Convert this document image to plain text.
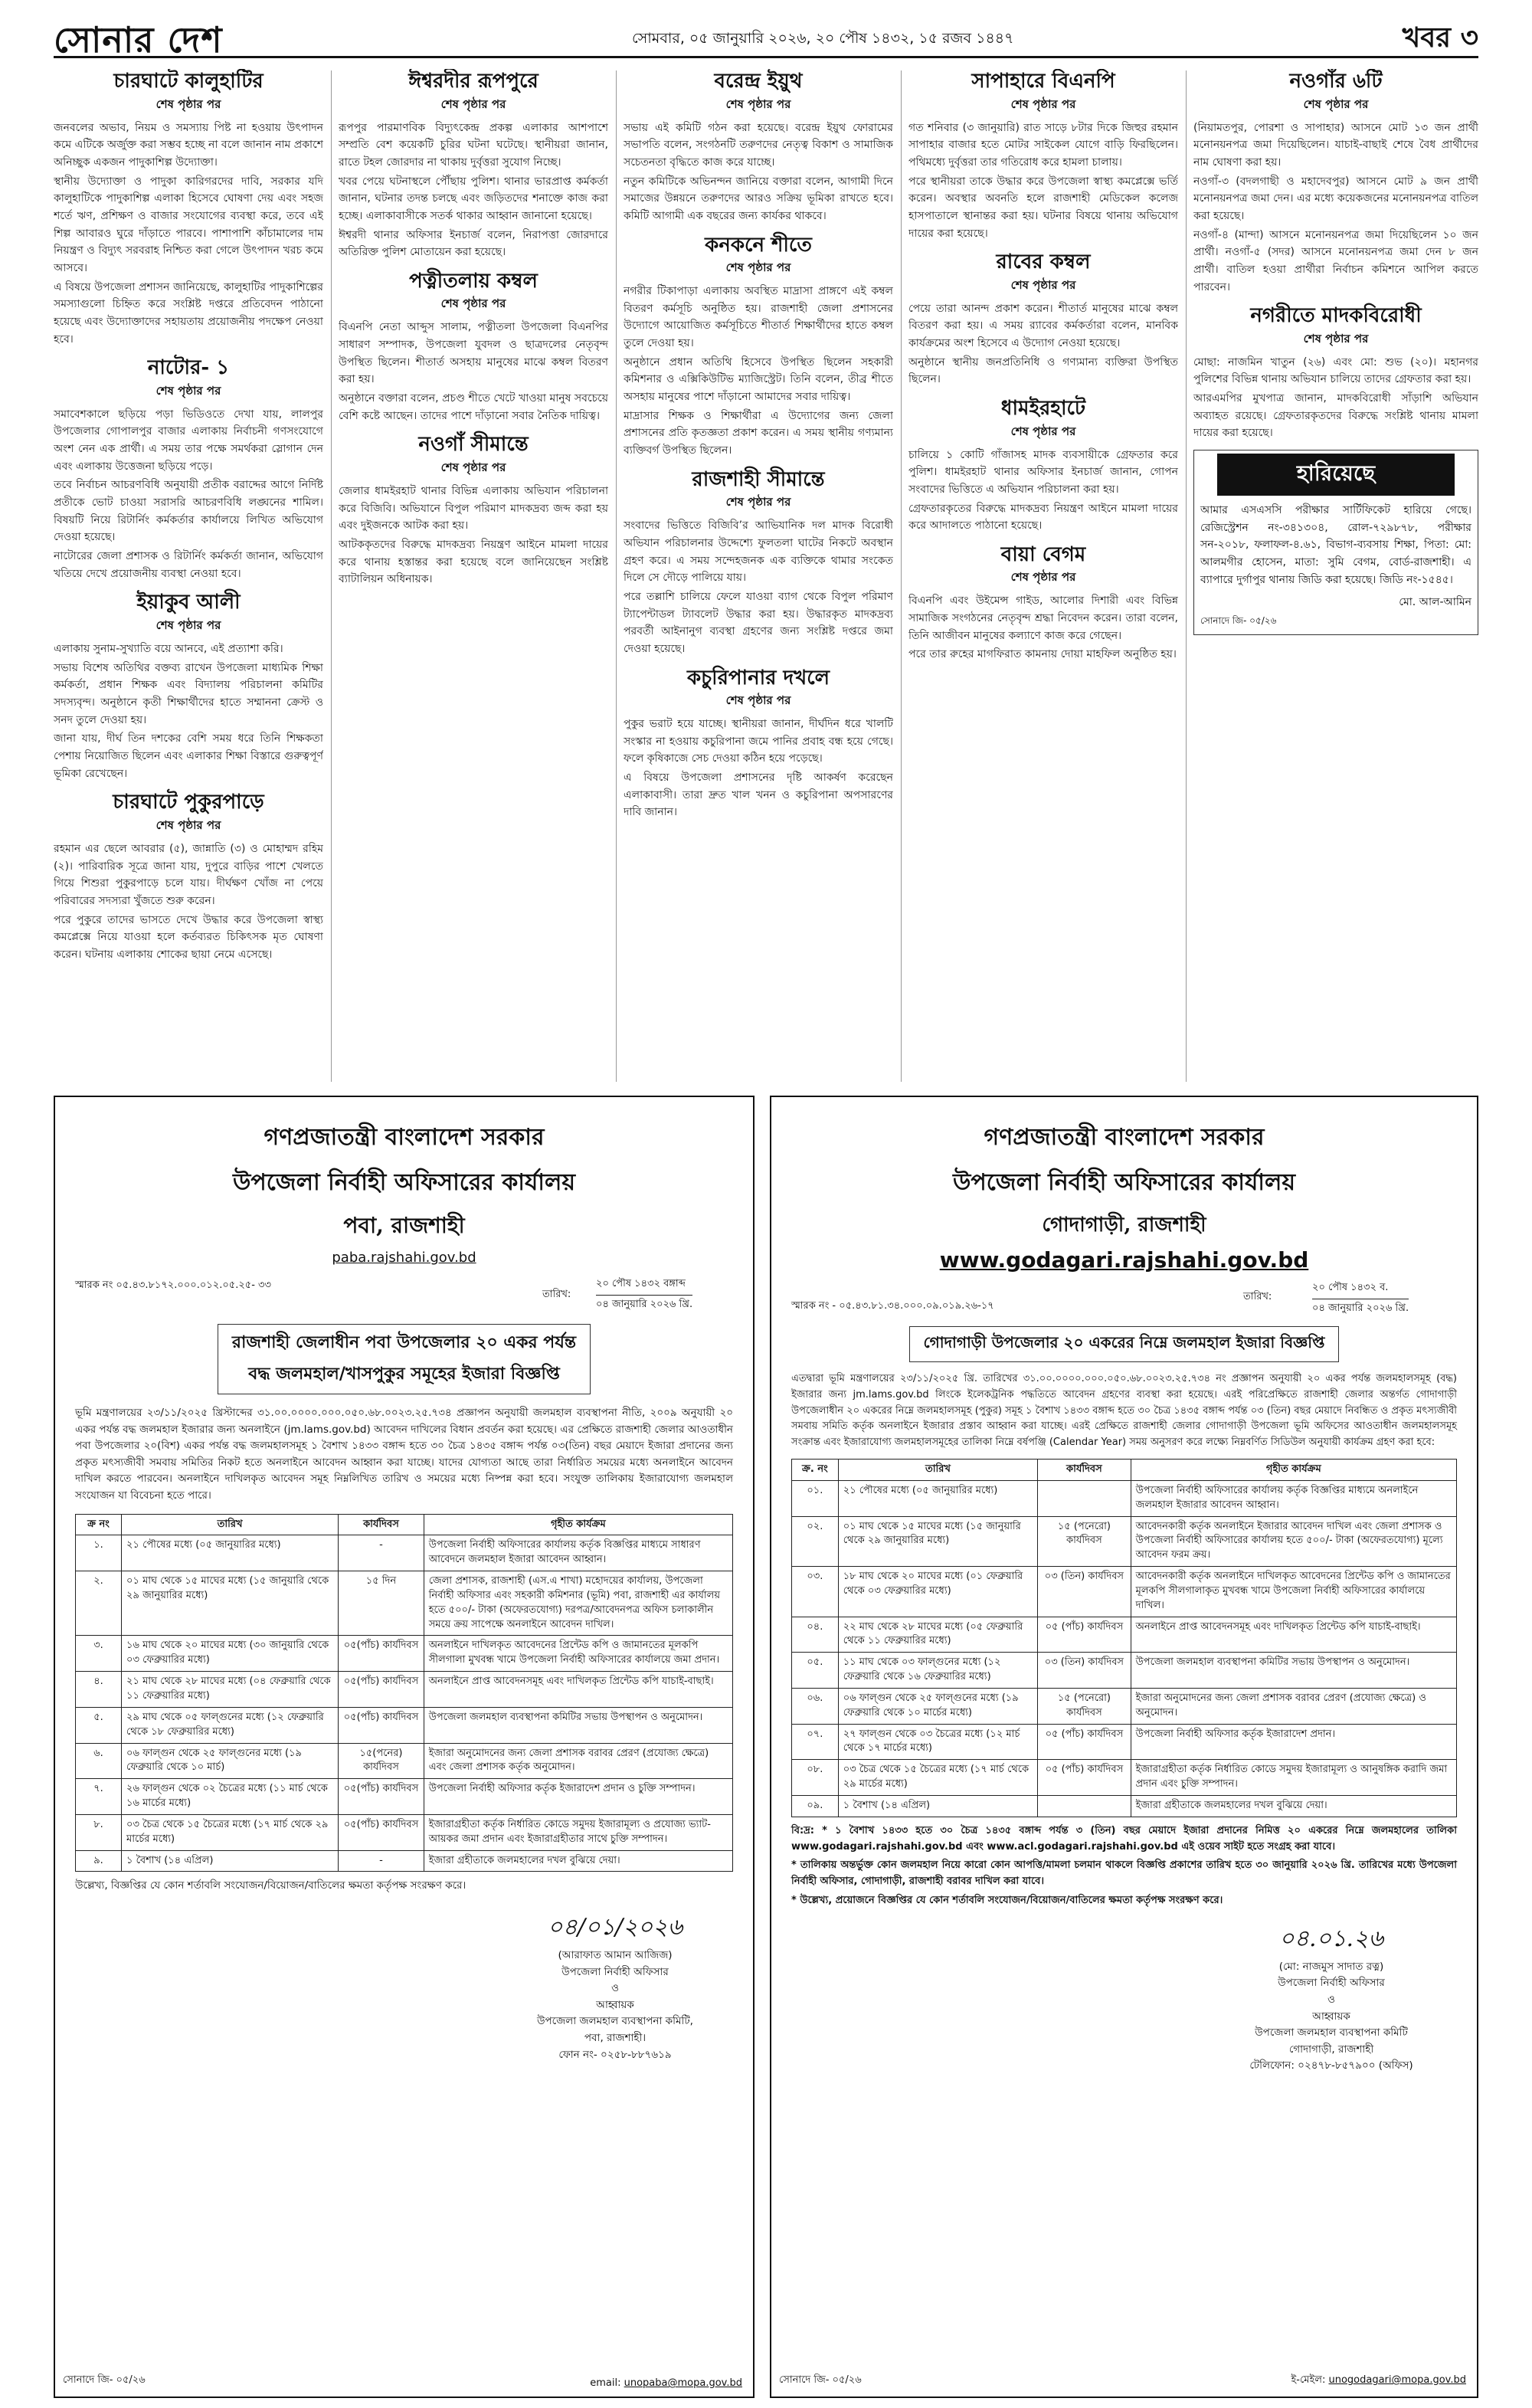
সোনার দেশ	সোমবার, ০৫ জানুয়ারি ২০২৬, ২০ পৌষ ১৪৩২, ১৫ রজব ১৪৪৭	খবর ৩
চারঘাটে কালুহাটির
শেষ পৃষ্ঠার পর

জনবলের অভাব, নিয়ম ও সমস্যায় পিষ্ট না হওয়ায় উৎপাদন কমে এটিকে অর্জুক্ত করা সম্ভব হচ্ছে না বলে জানান নাম প্রকাশে অনিচ্ছুক একজন পাদুকাশিল্প উদ্যোক্তা।

স্থানীয় উদ্যোক্তা ও পাদুকা কারিগরদের দাবি, সরকার যদি কালুহাটিকে পাদুকাশিল্প এলাকা হিসেবে ঘোষণা দেয় এবং সহজ শর্তে ঋণ, প্রশিক্ষণ ও বাজার সংযোগের ব্যবস্থা করে, তবে এই শিল্প আবারও ঘুরে দাঁড়াতে পারবে। পাশাপাশি কাঁচামালের দাম নিয়ন্ত্রণ ও বিদ্যুৎ সরবরাহ নিশ্চিত করা গেলে উৎপাদন খরচ কমে আসবে।

এ বিষয়ে উপজেলা প্রশাসন জানিয়েছে, কালুহাটির পাদুকাশিল্পের সমস্যাগুলো চিহ্নিত করে সংশ্লিষ্ট দপ্তরে প্রতিবেদন পাঠানো হয়েছে এবং উদ্যোক্তাদের সহায়তায় প্রয়োজনীয় পদক্ষেপ নেওয়া হবে।

নাটোর- ১
শেষ পৃষ্ঠার পর

সমাবেশকালে ছড়িয়ে পড়া ভিডিওতে দেখা যায়, লালপুর উপজেলার গোপালপুর বাজার এলাকায় নির্বাচনী গণসংযোগে অংশ নেন এক প্রার্থী। এ সময় তার পক্ষে সমর্থকরা স্লোগান দেন এবং এলাকায় উত্তেজনা ছড়িয়ে পড়ে।

তবে নির্বাচন আচরণবিধি অনুযায়ী প্রতীক বরাদ্দের আগে নির্দিষ্ট প্রতীকে ভোট চাওয়া সরাসরি আচরণবিধি লঙ্ঘনের শামিল। বিষয়টি নিয়ে রিটার্নিং কর্মকর্তার কার্যালয়ে লিখিত অভিযোগ দেওয়া হয়েছে।

নাটোরের জেলা প্রশাসক ও রিটার্নিং কর্মকর্তা জানান, অভিযোগ খতিয়ে দেখে প্রয়োজনীয় ব্যবস্থা নেওয়া হবে।

ইয়াকুব আলী
শেষ পৃষ্ঠার পর

এলাকায় সুনাম-সুখ্যাতি বয়ে আনবে, এই প্রত্যাশা করি।

সভায় বিশেষ অতিথির বক্তব্য রাখেন উপজেলা মাধ্যমিক শিক্ষা কর্মকর্তা, প্রধান শিক্ষক এবং বিদ্যালয় পরিচালনা কমিটির সদস্যবৃন্দ। অনুষ্ঠানে কৃতী শিক্ষার্থীদের হাতে সম্মাননা ক্রেস্ট ও সনদ তুলে দেওয়া হয়।

জানা যায়, দীর্ঘ তিন দশকের বেশি সময় ধরে তিনি শিক্ষকতা পেশায় নিয়োজিত ছিলেন এবং এলাকার শিক্ষা বিস্তারে গুরুত্বপূর্ণ ভূমিকা রেখেছেন।

চারঘাটে পুকুরপাড়ে
শেষ পৃষ্ঠার পর

রহমান এর ছেলে আবরার (৫), জান্নাতি (৩) ও মোহাম্মদ রহিম (২)। পারিবারিক সূত্রে জানা যায়, দুপুরে বাড়ির পাশে খেলতে গিয়ে শিশুরা পুকুরপাড়ে চলে যায়। দীর্ঘক্ষণ খোঁজ না পেয়ে পরিবারের সদস্যরা খুঁজতে শুরু করেন।

পরে পুকুরে তাদের ভাসতে দেখে উদ্ধার করে উপজেলা স্বাস্থ্য কমপ্লেক্সে নিয়ে যাওয়া হলে কর্তব্যরত চিকিৎসক মৃত ঘোষণা করেন। ঘটনায় এলাকায় শোকের ছায়া নেমে এসেছে।

ঈশ্বরদীর রূপপুরে
শেষ পৃষ্ঠার পর

রূপপুর পারমাণবিক বিদ্যুৎকেন্দ্র প্রকল্প এলাকার আশপাশে সম্প্রতি বেশ কয়েকটি চুরির ঘটনা ঘটেছে। স্থানীয়রা জানান, রাতে টহল জোরদার না থাকায় দুর্বৃত্তরা সুযোগ নিচ্ছে।

খবর পেয়ে ঘটনাস্থলে পৌঁছায় পুলিশ। থানার ভারপ্রাপ্ত কর্মকর্তা জানান, ঘটনার তদন্ত চলছে এবং জড়িতদের শনাক্তে কাজ করা হচ্ছে। এলাকাবাসীকে সতর্ক থাকার আহ্বান জানানো হয়েছে।

ঈশ্বরদী থানার অফিসার ইনচার্জ বলেন, নিরাপত্তা জোরদারে অতিরিক্ত পুলিশ মোতায়েন করা হয়েছে।

পত্নীতলায় কম্বল
শেষ পৃষ্ঠার পর

বিএনপি নেতা আব্দুস সালাম, পত্নীতলা উপজেলা বিএনপির সাধারণ সম্পাদক, উপজেলা যুবদল ও ছাত্রদলের নেতৃবৃন্দ উপস্থিত ছিলেন। শীতার্ত অসহায় মানুষের মাঝে কম্বল বিতরণ করা হয়।

অনুষ্ঠানে বক্তারা বলেন, প্রচণ্ড শীতে খেটে খাওয়া মানুষ সবচেয়ে বেশি কষ্টে আছেন। তাদের পাশে দাঁড়ানো সবার নৈতিক দায়িত্ব।

নওগাঁ সীমান্তে
শেষ পৃষ্ঠার পর

জেলার ধামইরহাট থানার বিভিন্ন এলাকায় অভিযান পরিচালনা করে বিজিবি। অভিযানে বিপুল পরিমাণ মাদকদ্রব্য জব্দ করা হয় এবং দুইজনকে আটক করা হয়।

আটককৃতদের বিরুদ্ধে মাদকদ্রব্য নিয়ন্ত্রণ আইনে মামলা দায়ের করে থানায় হস্তান্তর করা হয়েছে বলে জানিয়েছেন সংশ্লিষ্ট ব্যাটালিয়ন অধিনায়ক।

বরেন্দ্র ইয়ুথ
শেষ পৃষ্ঠার পর

সভায় এই কমিটি গঠন করা হয়েছে। বরেন্দ্র ইয়ুথ ফোরামের সভাপতি বলেন, সংগঠনটি তরুণদের নেতৃত্ব বিকাশ ও সামাজিক সচেতনতা বৃদ্ধিতে কাজ করে যাচ্ছে।

নতুন কমিটিকে অভিনন্দন জানিয়ে বক্তারা বলেন, আগামী দিনে সমাজের উন্নয়নে তরুণদের আরও সক্রিয় ভূমিকা রাখতে হবে। কমিটি আগামী এক বছরের জন্য কার্যকর থাকবে।

কনকনে শীতে
শেষ পৃষ্ঠার পর

নগরীর টিকাপাড়া এলাকায় অবস্থিত মাদ্রাসা প্রাঙ্গণে এই কম্বল বিতরণ কর্মসূচি অনুষ্ঠিত হয়। রাজশাহী জেলা প্রশাসনের উদ্যোগে আয়োজিত কর্মসূচিতে শীতার্ত শিক্ষার্থীদের হাতে কম্বল তুলে দেওয়া হয়।

অনুষ্ঠানে প্রধান অতিথি হিসেবে উপস্থিত ছিলেন সহকারী কমিশনার ও এক্সিকিউটিভ ম্যাজিস্ট্রেট। তিনি বলেন, তীব্র শীতে অসহায় মানুষের পাশে দাঁড়ানো আমাদের সবার দায়িত্ব।

মাদ্রাসার শিক্ষক ও শিক্ষার্থীরা এ উদ্যোগের জন্য জেলা প্রশাসনের প্রতি কৃতজ্ঞতা প্রকাশ করেন। এ সময় স্থানীয় গণ্যমান্য ব্যক্তিবর্গ উপস্থিত ছিলেন।

রাজশাহী সীমান্তে
শেষ পৃষ্ঠার পর

সংবাদের ভিত্তিতে বিজিবি’র আভিযানিক দল মাদক বিরোধী অভিযান পরিচালনার উদ্দেশ্যে ফুলতলা ঘাটের নিকটে অবস্থান গ্রহণ করে। এ সময় সন্দেহজনক এক ব্যক্তিকে থামার সংকেত দিলে সে দৌড়ে পালিয়ে যায়।

পরে তল্লাশি চালিয়ে ফেলে যাওয়া ব্যাগ থেকে বিপুল পরিমাণ ট্যাপেন্টাডল ট্যাবলেট উদ্ধার করা হয়। উদ্ধারকৃত মাদকদ্রব্য পরবর্তী আইনানুগ ব্যবস্থা গ্রহণের জন্য সংশ্লিষ্ট দপ্তরে জমা দেওয়া হয়েছে।

কচুরিপানার দখলে
শেষ পৃষ্ঠার পর

পুকুর ভরাট হয়ে যাচ্ছে। স্থানীয়রা জানান, দীর্ঘদিন ধরে খালটি সংস্কার না হওয়ায় কচুরিপানা জমে পানির প্রবাহ বন্ধ হয়ে গেছে। ফলে কৃষিকাজে সেচ দেওয়া কঠিন হয়ে পড়েছে।

এ বিষয়ে উপজেলা প্রশাসনের দৃষ্টি আকর্ষণ করেছেন এলাকাবাসী। তারা দ্রুত খাল খনন ও কচুরিপানা অপসারণের দাবি জানান।

সাপাহারে বিএনপি
শেষ পৃষ্ঠার পর

গত শনিবার (৩ জানুয়ারি) রাত সাড়ে ৮টার দিকে জিহুর রহমান সাপাহার বাজার হতে মোটর সাইকেল যোগে বাড়ি ফিরছিলেন। পথিমধ্যে দুর্বৃত্তরা তার গতিরোধ করে হামলা চালায়।

পরে স্থানীয়রা তাকে উদ্ধার করে উপজেলা স্বাস্থ্য কমপ্লেক্সে ভর্তি করেন। অবস্থার অবনতি হলে রাজশাহী মেডিকেল কলেজ হাসপাতালে স্থানান্তর করা হয়। ঘটনার বিষয়ে থানায় অভিযোগ দায়ের করা হয়েছে।

রাবের কম্বল
শেষ পৃষ্ঠার পর

পেয়ে তারা আনন্দ প্রকাশ করেন। শীতার্ত মানুষের মাঝে কম্বল বিতরণ করা হয়। এ সময় র‍্যাবের কর্মকর্তারা বলেন, মানবিক কার্যক্রমের অংশ হিসেবে এ উদ্যোগ নেওয়া হয়েছে।

অনুষ্ঠানে স্থানীয় জনপ্রতিনিধি ও গণ্যমান্য ব্যক্তিরা উপস্থিত ছিলেন।

ধামইরহাটে
শেষ পৃষ্ঠার পর

চালিয়ে ১ কোটি গাঁজাসহ মাদক ব্যবসায়ীকে গ্রেফতার করে পুলিশ। ধামইরহাট থানার অফিসার ইনচার্জ জানান, গোপন সংবাদের ভিত্তিতে এ অভিযান পরিচালনা করা হয়।

গ্রেফতারকৃতের বিরুদ্ধে মাদকদ্রব্য নিয়ন্ত্রণ আইনে মামলা দায়ের করে আদালতে পাঠানো হয়েছে।

বায়া বেগম
শেষ পৃষ্ঠার পর

বিএনপি এবং উইমেন্স গাইড, আলোর দিশারী এবং বিভিন্ন সামাজিক সংগঠনের নেতৃবৃন্দ শ্রদ্ধা নিবেদন করেন। তারা বলেন, তিনি আজীবন মানুষের কল্যাণে কাজ করে গেছেন।

পরে তার রুহের মাগফিরাত কামনায় দোয়া মাহফিল অনুষ্ঠিত হয়।

নওগাঁর ৬টি
শেষ পৃষ্ঠার পর

(নিয়ামতপুর, পোরশা ও সাপাহার) আসনে মোট ১৩ জন প্রার্থী মনোনয়নপত্র জমা দিয়েছিলেন। যাচাই-বাছাই শেষে বৈধ প্রার্থীদের নাম ঘোষণা করা হয়।

নওগাঁ-৩ (বদলগাছী ও মহাদেবপুর) আসনে মোট ৯ জন প্রার্থী মনোনয়নপত্র জমা দেন। এর মধ্যে কয়েকজনের মনোনয়নপত্র বাতিল করা হয়েছে।

নওগাঁ-৪ (মান্দা) আসনে মনোনয়নপত্র জমা দিয়েছিলেন ১০ জন প্রার্থী। নওগাঁ-৫ (সদর) আসনে মনোনয়নপত্র জমা দেন ৮ জন প্রার্থী। বাতিল হওয়া প্রার্থীরা নির্বাচন কমিশনে আপিল করতে পারবেন।

নগরীতে মাদকবিরোধী
শেষ পৃষ্ঠার পর

মোছা: নাজমিন খাতুন (২৬) এবং মো: শুভ (২০)। মহানগর পুলিশের বিভিন্ন থানায় অভিযান চালিয়ে তাদের গ্রেফতার করা হয়।

আরএমপির মুখপাত্র জানান, মাদকবিরোধী সাঁড়াশি অভিযান অব্যাহত রয়েছে। গ্রেফতারকৃতদের বিরুদ্ধে সংশ্লিষ্ট থানায় মামলা দায়ের করা হয়েছে।

হারিয়েছে
আমার এসএসসি পরীক্ষার সার্টিফিকেট হারিয়ে গেছে। রেজিস্ট্রেশন নং-৩৪১৩০৪, রোল-৭২৯৮৭৮, পরীক্ষার সন-২০১৮, ফলাফল-৪.৬১, বিভাগ-ব্যবসায় শিক্ষা, পিতা: মো: আলমগীর হোসেন, মাতা: সুমি বেগম, বোর্ড-রাজশাহী। এ ব্যাপারে দুর্গাপুর থানায় জিডি করা হয়েছে। জিডি নং-১৫৪৫।
মো. আল-আমিন
সোনাদে জি- ০৫/২৬
গণপ্রজাতন্ত্রী বাংলাদেশ সরকার
উপজেলা নির্বাহী অফিসারের কার্যালয়
পবা, রাজশাহী
paba.rajshahi.gov.bd
স্মারক নং ০৫.৪৩.৮১৭২.০০০.০১২.০৫.২৫- ৩৩
তারিখ:
২০ পৌষ ১৪৩২ বঙ্গাব্দ
০৪ জানুয়ারি ২০২৬ খ্রি.
রাজশাহী জেলাধীন পবা উপজেলার ২০ একর পর্যন্ত
বদ্ধ জলমহাল/খাসপুকুর সমূহের ইজারা বিজ্ঞপ্তি

ভূমি মন্ত্রণালয়ের ২৩/১১/২০২৫ খ্রিস্টাব্দের ৩১.০০.০০০০.০০০.০৫০.৬৮.০০২৩.২৫.৭৩৪ প্রজ্ঞাপন অনুযায়ী জলমহাল ব্যবস্থাপনা নীতি, ২০০৯ অনুযায়ী ২০ একর পর্যন্ত বদ্ধ জলমহাল ইজারার জন্য অনলাইনে (jm.lams.gov.bd) আবেদন দাখিলের বিধান প্রবর্তন করা হয়েছে। এর প্রেক্ষিতে রাজশাহী জেলার আওতাধীন পবা উপজেলার ২০(বিশ) একর পর্যন্ত বদ্ধ জলমহালসমূহ ১ বৈশাখ ১৪৩৩ বঙ্গাব্দ হতে ৩০ চৈত্র ১৪৩৫ বঙ্গাব্দ পর্যন্ত ০৩(তিন) বছর মেয়াদে ইজারা প্রদানের জন্য প্রকৃত মৎস্যজীবী সমবায় সমিতির নিকট হতে অনলাইনে আবেদন আহ্বান করা যাচ্ছে। যাদের যোগ্যতা আছে তারা নির্ধারিত সময়ের মধ্যে অনলাইনে আবেদন দাখিল করতে পারবেন। অনলাইনে দাখিলকৃত আবেদন সমূহ নিম্নলিখিত তারিখ ও সময়ের মধ্যে নিষ্পন্ন করা হবে। সংযুক্ত তালিকায় ইজারাযোগ্য জলমহাল সংযোজন যা বিবেচনা হতে পারে।

ক্র নং	তারিখ	কার্যদিবস	গৃহীত কার্যক্রম
১.	২১ পৌষের মধ্যে (০৫ জানুয়ারির মধ্যে)	-	উপজেলা নির্বাহী অফিসারের কার্যালয় কর্তৃক বিজ্ঞপ্তির মাধ্যমে সাধারণ আবেদনে জলমহাল ইজারা আবেদন আহ্বান।
২.	০১ মাঘ থেকে ১৫ মাঘের মধ্যে (১৫ জানুয়ারি থেকে ২৯ জানুয়ারির মধ্যে)	১৫ দিন	জেলা প্রশাসক, রাজশাহী (এস.এ শাখা) মহোদয়ের কার্যালয়, উপজেলা নির্বাহী অফিসার এবং সহকারী কমিশনার (ভূমি) পবা, রাজশাহী এর কার্যালয় হতে ৫০০/- টাকা (অফেরতযোগ্য) দরপত্র/আবেদনপত্র অফিস চলাকালীন সময়ে ক্রয় সাপেক্ষে অনলাইনে আবেদন দাখিল।
৩.	১৬ মাঘ থেকে ২০ মাঘের মধ্যে (৩০ জানুয়ারি থেকে ০৩ ফেব্রুয়ারির মধ্যে)	০৫(পাঁচ) কার্যদিবস	অনলাইনে দাখিলকৃত আবেদনের প্রিন্টেড কপি ও জামানতের মূলকপি সীলগালা মুখবন্ধ খামে উপজেলা নির্বাহী অফিসারের কার্যালয়ে জমা প্রদান।
৪.	২১ মাঘ থেকে ২৮ মাঘের মধ্যে (০৪ ফেব্রুয়ারি থেকে ১১ ফেব্রুয়ারির মধ্যে)	০৫(পাঁচ) কার্যদিবস	অনলাইনে প্রাপ্ত আবেদনসমূহ এবং দাখিলকৃত প্রিন্টেড কপি যাচাই-বাছাই।
৫.	২৯ মাঘ থেকে ০৫ ফাল্গুনের মধ্যে (১২ ফেব্রুয়ারি থেকে ১৮ ফেব্রুয়ারির মধ্যে)	০৫(পাঁচ) কার্যদিবস	উপজেলা জলমহাল ব্যবস্থাপনা কমিটির সভায় উপস্থাপন ও অনুমোদন।
৬.	০৬ ফাল্গুন থেকে ২৫ ফাল্গুনের মধ্যে (১৯ ফেব্রুয়ারি থেকে ১০ মার্চ)	১৫(পনের) কার্যদিবস	ইজারা অনুমোদনের জন্য জেলা প্রশাসক বরাবর প্রেরণ (প্রযোজ্য ক্ষেত্রে) এবং জেলা প্রশাসক কর্তৃক অনুমোদন।
৭.	২৬ ফাল্গুন থেকে ০২ চৈত্রের মধ্যে (১১ মার্চ থেকে ১৬ মার্চের মধ্যে)	০৫(পাঁচ) কার্যদিবস	উপজেলা নির্বাহী অফিসার কর্তৃক ইজারাদেশ প্রদান ও চুক্তি সম্পাদন।
৮.	০৩ চৈত্র থেকে ১৫ চৈত্রের মধ্যে (১৭ মার্চ থেকে ২৯ মার্চের মধ্যে)	০৫(পাঁচ) কার্যদিবস	ইজারাগ্রহীতা কর্তৃক নির্ধারিত কোডে সমুদয় ইজারামূল্য ও প্রযোজ্য ভ্যাট-আয়কর জমা প্রদান এবং ইজারাগ্রহীতার সাথে চুক্তি সম্পাদন।
৯.	১ বৈশাখ (১৪ এপ্রিল)	-	ইজারা গ্রহীতাকে জলমহালের দখল বুঝিয়ে দেয়া।

উল্লেখ্য, বিজ্ঞপ্তির যে কোন শর্তাবলি সংযোজন/বিয়োজন/বাতিলের ক্ষমতা কর্তৃপক্ষ সংরক্ষণ করে।

০৪/০১/২০২৬
(আরাফাত আমান আজিজ)
উপজেলা নির্বাহী অফিসার
ও
আহ্বায়ক
উপজেলা জলমহাল ব্যবস্থাপনা কমিটি,
পবা, রাজশাহী।
ফোন নং- ০২৫৮-৮৮৭৬১৯
সোনাদে জি- ০৫/২৬	email: unopaba@mopa.gov.bd
গণপ্রজাতন্ত্রী বাংলাদেশ সরকার
উপজেলা নির্বাহী অফিসারের কার্যালয়
গোদাগাড়ী, রাজশাহী
www.godagari.rajshahi.gov.bd
স্মারক নং - ০৫.৪৩.৮১.৩৪.০০০.০৯.০১৯.২৬-১৭
তারিখ:
২০ পৌষ ১৪৩২ ব.
০৪ জানুয়ারি ২০২৬ খ্রি.
গোদাগাড়ী উপজেলার ২০ একরের নিম্নে জলমহাল ইজারা বিজ্ঞপ্তি

এতদ্বারা ভূমি মন্ত্রণালয়ের ২৩/১১/২০২৫ খ্রি. তারিখের ৩১.০০.০০০০.০০০.০৫০.৬৮.০০২৩.২৫.৭৩৪ নং প্রজ্ঞাপন অনুযায়ী ২০ একর পর্যন্ত জলমহালসমূহ (বদ্ধ) ইজারার জন্য jm.lams.gov.bd লিংকে ইলেকট্রনিক পদ্ধতিতে আবেদন গ্রহণের ব্যবস্থা করা হয়েছে। এরই পরিপ্রেক্ষিতে রাজশাহী জেলার অন্তর্গত গোদাগাড়ী উপজেলাধীন ২০ একরের নিম্নে জলমহালসমূহ (পুকুর) সমূহ ১ বৈশাখ ১৪৩৩ বঙ্গাব্দ হতে ৩০ চৈত্র ১৪৩৫ বঙ্গাব্দ পর্যন্ত ০৩ (তিন) বছর মেয়াদে নিবন্ধিত ও প্রকৃত মৎস্যজীবী সমবায় সমিতি কর্তৃক অনলাইনে ইজারার প্রস্তাব আহ্বান করা যাচ্ছে। এরই প্রেক্ষিতে রাজশাহী জেলার গোদাগাড়ী উপজেলা ভূমি অফিসের আওতাধীন জলমহালসমূহ সংক্রান্ত এবং ইজারাযোগ্য জলমহালসমূহের তালিকা নিম্নে বর্ষপঞ্জি (Calendar Year) সময় অনুসরণ করে লক্ষ্যে নিম্নবর্ণিত সিডিউল অনুযায়ী কার্যক্রম গ্রহণ করা হবে:

ক্র. নং	তারিখ	কার্যদিবস	গৃহীত কার্যক্রম
০১.	২১ পৌষের মধ্যে (০৫ জানুয়ারির মধ্যে)		উপজেলা নির্বাহী অফিসারের কার্যালয় কর্তৃক বিজ্ঞপ্তির মাধ্যমে অনলাইনে জলমহাল ইজারার আবেদন আহ্বান।
০২.	০১ মাঘ থেকে ১৫ মাঘের মধ্যে (১৫ জানুয়ারি থেকে ২৯ জানুয়ারির মধ্যে)	১৫ (পনেরো) কার্যদিবস	আবেদনকারী কর্তৃক অনলাইনে ইজারার আবেদন দাখিল এবং জেলা প্রশাসক ও উপজেলা নির্বাহী অফিসারের কার্যালয় হতে ৫০০/- টাকা (অফেরতযোগ্য) মূল্যে আবেদন ফরম ক্রয়।
০৩.	১৮ মাঘ থেকে ২০ মাঘের মধ্যে (০১ ফেব্রুয়ারি থেকে ০৩ ফেব্রুয়ারির মধ্যে)	০৩ (তিন) কার্যদিবস	আবেদনকারী কর্তৃক অনলাইনে দাখিলকৃত আবেদনের প্রিন্টেড কপি ও জামানতের মূলকপি সীলগালাকৃত মুখবন্ধ খামে উপজেলা নির্বাহী অফিসারের কার্যালয়ে দাখিল।
০৪.	২২ মাঘ থেকে ২৮ মাঘের মধ্যে (০৫ ফেব্রুয়ারি থেকে ১১ ফেব্রুয়ারির মধ্যে)	০৫ (পাঁচ) কার্যদিবস	অনলাইনে প্রাপ্ত আবেদনসমূহ এবং দাখিলকৃত প্রিন্টেড কপি যাচাই-বাছাই।
০৫.	১১ মাঘ থেকে ০৩ ফাল্গুনের মধ্যে (১২ ফেব্রুয়ারি থেকে ১৬ ফেব্রুয়ারির মধ্যে)	০৩ (তিন) কার্যদিবস	উপজেলা জলমহাল ব্যবস্থাপনা কমিটির সভায় উপস্থাপন ও অনুমোদন।
০৬.	০৬ ফাল্গুন থেকে ২৫ ফাল্গুনের মধ্যে (১৯ ফেব্রুয়ারি থেকে ১০ মার্চের মধ্যে)	১৫ (পনেরো) কার্যদিবস	ইজারা অনুমোদনের জন্য জেলা প্রশাসক বরাবর প্রেরণ (প্রযোজ্য ক্ষেত্রে) ও অনুমোদন।
০৭.	২৭ ফাল্গুন থেকে ০৩ চৈত্রের মধ্যে (১২ মার্চ থেকে ১৭ মার্চের মধ্যে)	০৫ (পাঁচ) কার্যদিবস	উপজেলা নির্বাহী অফিসার কর্তৃক ইজারাদেশ প্রদান।
০৮.	০৩ চৈত্র থেকে ১৫ চৈত্রের মধ্যে (১৭ মার্চ থেকে ২৯ মার্চের মধ্যে)	০৫ (পাঁচ) কার্যদিবস	ইজারাগ্রহীতা কর্তৃক নির্ধারিত কোডে সমুদয় ইজারামূল্য ও আনুষঙ্গিক করাদি জমা প্রদান এবং চুক্তি সম্পাদন।
০৯.	১ বৈশাখ (১৪ এপ্রিল)		ইজারা গ্রহীতাকে জলমহালের দখল বুঝিয়ে দেয়া।

বি:দ্র: * ১ বৈশাখ ১৪৩৩ হতে ৩০ চৈত্র ১৪৩৫ বঙ্গাব্দ পর্যন্ত ৩ (তিন) বছর মেয়াদে ইজারা প্রদানের নিমিত্ত ২০ একরের নিম্নে জলমহালের তালিকা www.godagari.rajshahi.gov.bd এবং www.acl.godagari.rajshahi.gov.bd এই ওয়েব সাইট হতে সংগ্রহ করা যাবে।

* তালিকায় অন্তর্ভুক্ত কোন জলমহাল নিয়ে কারো কোন আপত্তি/মামলা চলমান থাকলে বিজ্ঞপ্তি প্রকাশের তারিখ হতে ৩০ জানুয়ারি ২০২৬ খ্রি. তারিখের মধ্যে উপজেলা নির্বাহী অফিসার, গোদাগাড়ী, রাজশাহী বরাবর দাখিল করা যাবে।

* উল্লেখ্য, প্রয়োজনে বিজ্ঞপ্তির যে কোন শর্তাবলি সংযোজন/বিয়োজন/বাতিলের ক্ষমতা কর্তৃপক্ষ সংরক্ষণ করে।

০৪.০১.২৬
(মো: নাজমুস সাদাত রত্ন)
উপজেলা নির্বাহী অফিসার
ও
আহ্বায়ক
উপজেলা জলমহাল ব্যবস্থাপনা কমিটি
গোদাগাড়ী, রাজশাহী
টেলিফোন: ০২৪৭৮-৮৫৭৯০০ (অফিস)
সোনাদে জি- ০৫/২৬	ই-মেইল: unogodagari@mopa.gov.bd
